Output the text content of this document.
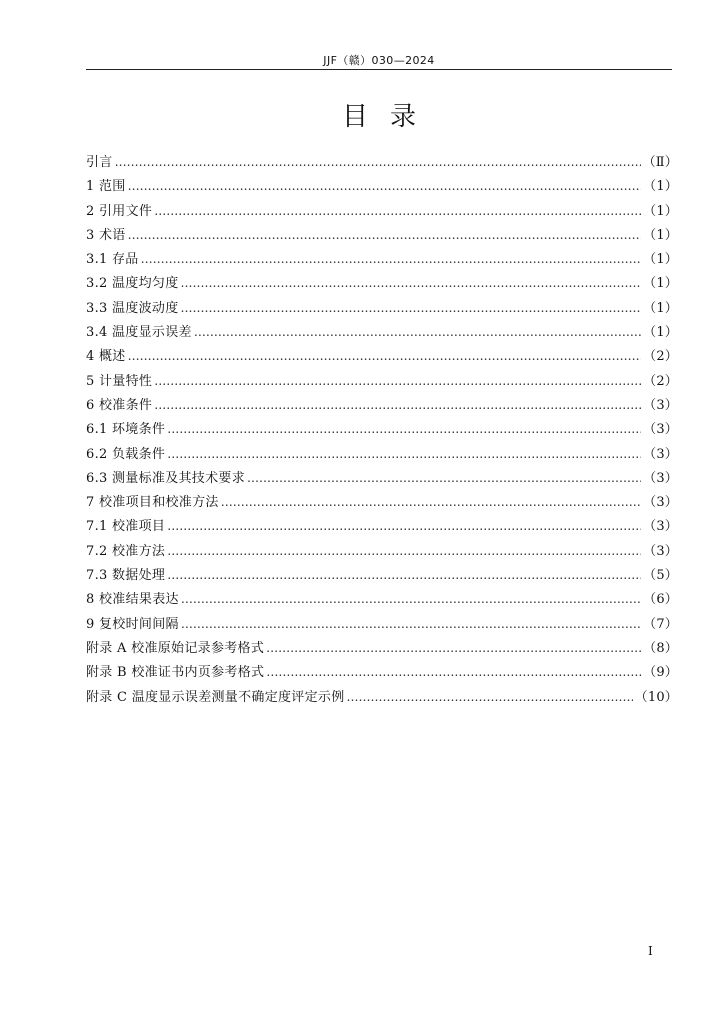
JJF（赣）030—2024
目录
引言 …………………………………………………………………………………………………………………………………………………………………	（Ⅱ）
1 范围 …………………………………………………………………………………………………………………………………………………………………	（1）
2 引用文件 …………………………………………………………………………………………………………………………………………………………………	（1）
3 术语 …………………………………………………………………………………………………………………………………………………………………	（1）
3.1 存品 …………………………………………………………………………………………………………………………………………………………………	（1）
3.2 温度均匀度 …………………………………………………………………………………………………………………………………………………………………	（1）
3.3 温度波动度 …………………………………………………………………………………………………………………………………………………………………	（1）
3.4 温度显示误差 …………………………………………………………………………………………………………………………………………………………………	（1）
4 概述 …………………………………………………………………………………………………………………………………………………………………	（2）
5 计量特性 …………………………………………………………………………………………………………………………………………………………………	（2）
6 校准条件 …………………………………………………………………………………………………………………………………………………………………	（3）
6.1 环境条件 …………………………………………………………………………………………………………………………………………………………………	（3）
6.2 负载条件 …………………………………………………………………………………………………………………………………………………………………	（3）
6.3 测量标准及其技术要求 …………………………………………………………………………………………………………………………………………………………………	（3）
7 校准项目和校准方法 …………………………………………………………………………………………………………………………………………………………………	（3）
7.1 校准项目 …………………………………………………………………………………………………………………………………………………………………	（3）
7.2 校准方法 …………………………………………………………………………………………………………………………………………………………………	（3）
7.3 数据处理 …………………………………………………………………………………………………………………………………………………………………	（5）
8 校准结果表达 …………………………………………………………………………………………………………………………………………………………………	（6）
9 复校时间间隔 …………………………………………………………………………………………………………………………………………………………………	（7）
附录 A 校准原始记录参考格式 …………………………………………………………………………………………………………………………………………………………………	（8）
附录 B 校准证书内页参考格式 …………………………………………………………………………………………………………………………………………………………………	（9）
附录 C 温度显示误差测量不确定度评定示例 …………………………………………………………………………………………………………………………………………………………………	（10）
I
